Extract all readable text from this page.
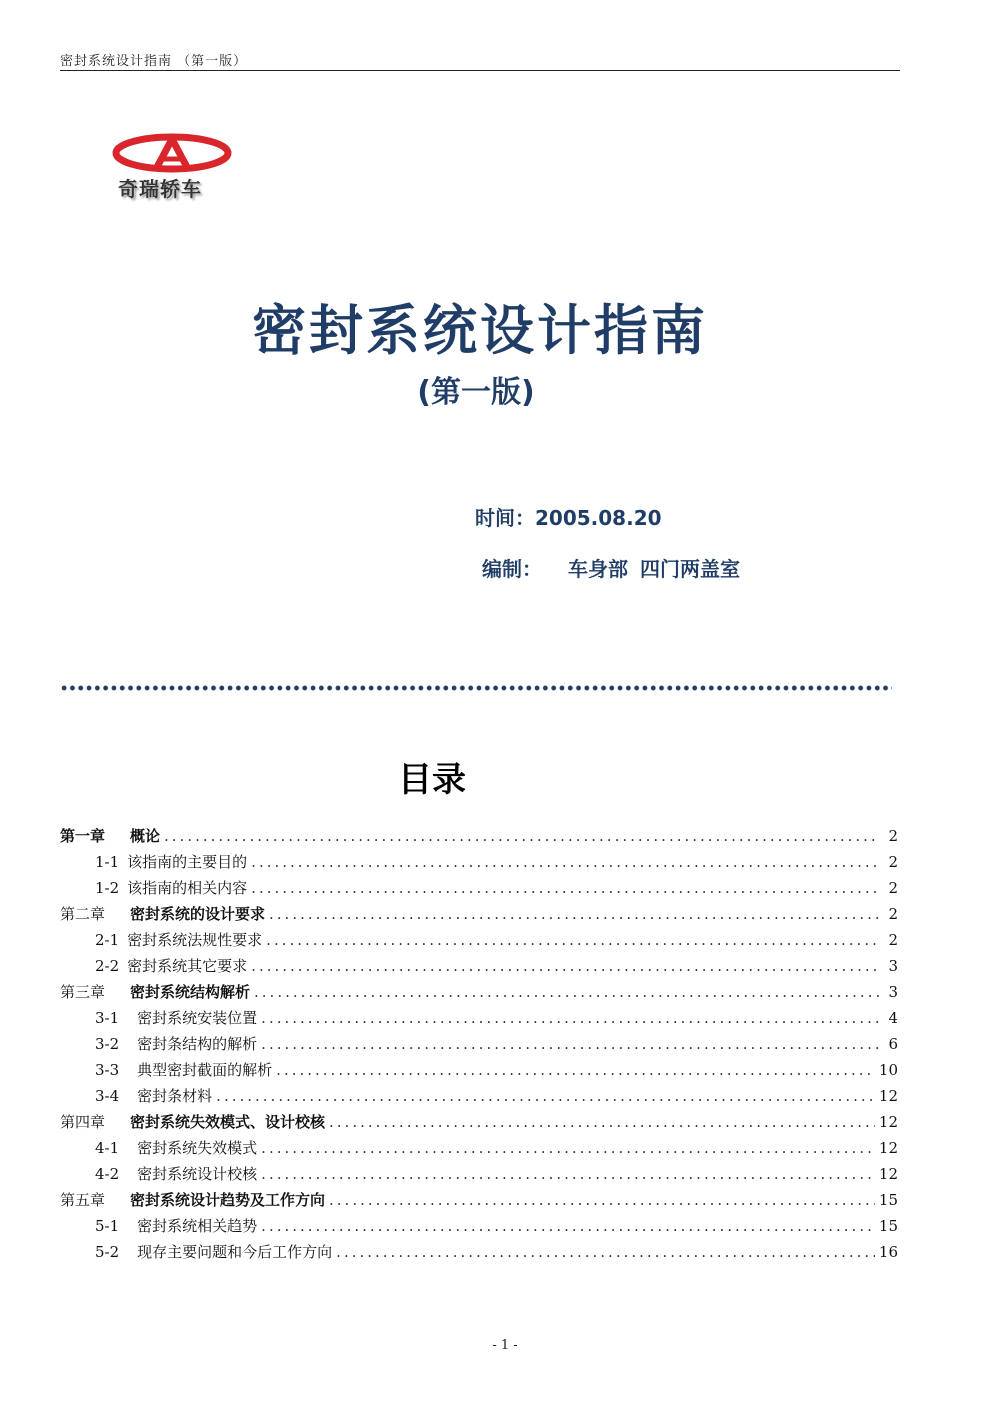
密封系统设计指南 （第一版）
奇瑞轿车
密封系统设计指南
(第一版)
时间：2005.08.20
编制： 车身部 四门两盖室
目录
第一章	概论 .....	2
1-1 该指南的主要目的 .....	2
1-2 该指南的相关内容 .....	2
第二章	密封系统的设计要求 .....	2
2-1 密封系统法规性要求 .....	2
2-2 密封系统其它要求 .....	3
第三章	密封系统结构解析 .....	3
3-1 密封系统安装位置 .....	4
3-2 密封条结构的解析 .....	6
3-3 典型密封截面的解析 .....	10
3-4 密封条材料 .....	12
第四章	密封系统失效模式、设计校核 .....	12
4-1 密封系统失效模式 .....	12
4-2 密封系统设计校核 .....	12
第五章	密封系统设计趋势及工作方向 .....	15
5-1 密封系统相关趋势 .....	15
5-2 现存主要问题和今后工作方向 .....	16
- 1 -
